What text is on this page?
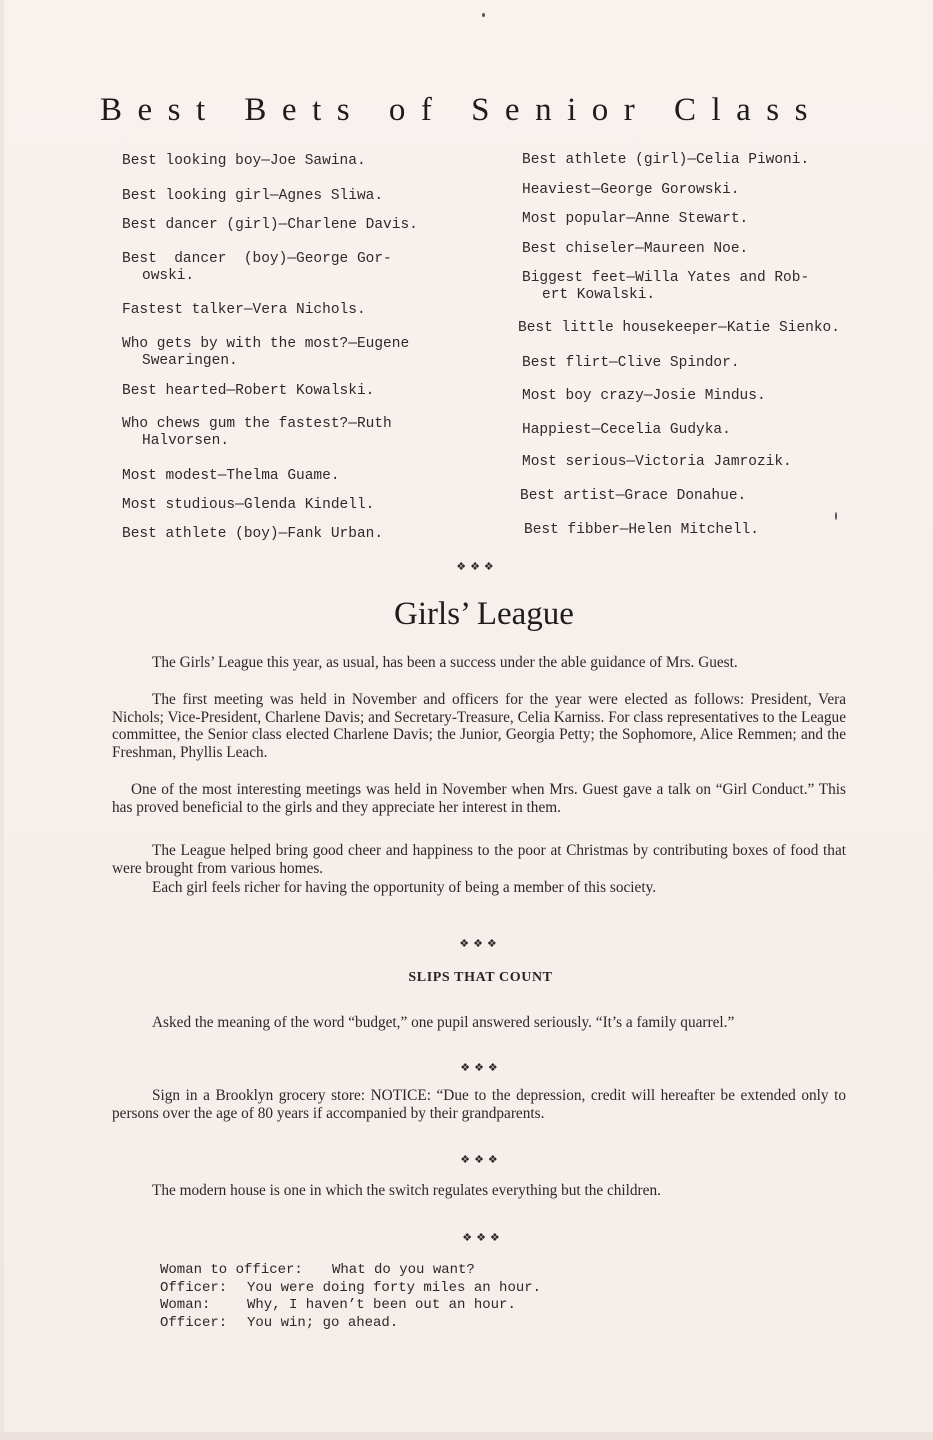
Best Bets of Senior Class
Best looking boy—Joe Sawina.
Best looking girl—Agnes Sliwa.
Best dancer (girl)—Charlene Davis.
Best  dancer  (boy)—George Gor-
owski.
Fastest talker—Vera Nichols.
Who gets by with the most?—Eugene
Swearingen.
Best hearted—Robert Kowalski.
Who chews gum the fastest?—Ruth
Halvorsen.
Most modest—Thelma Guame.
Most studious—Glenda Kindell.
Best athlete (boy)—Fank Urban.
Best athlete (girl)—Celia Piwoni.
Heaviest—George Gorowski.
Most popular—Anne Stewart.
Best chiseler—Maureen Noe.
Biggest feet—Willa Yates and Rob-
ert Kowalski.
Best little housekeeper—Katie Sienko.
Best flirt—Clive Spindor.
Most boy crazy—Josie Mindus.
Happiest—Cecelia Gudyka.
Most serious—Victoria Jamrozik.
Best artist—Grace Donahue.
Best fibber—Helen Mitchell.
❖❖❖
Girls’ League

The Girls’ League this year, as usual, has been a success under the able guidance of Mrs. Guest.

The first meeting was held in November and officers for the year were elected as follows: President, Vera Nichols; Vice-President, Charlene Davis; and Secretary-Treasure, Celia Karniss. For class representatives to the League committee, the Senior class elected Charlene Davis; the Junior, Georgia Petty; the Sophomore, Alice Remmen; and the Freshman, Phyllis Leach.

One of the most interesting meetings was held in November when Mrs. Guest gave a talk on “Girl Conduct.” This has proved beneficial to the girls and they appreciate her interest in them.

The League helped bring good cheer and happiness to the poor at Christmas by contributing boxes of food that were brought from various homes.

Each girl feels richer for having the opportunity of being a member of this society.

❖❖❖
SLIPS THAT COUNT

Asked the meaning of the word “budget,” one pupil answered seriously. “It’s a family quarrel.”

❖❖❖

Sign in a Brooklyn grocery store: NOTICE: “Due to the depression, credit will hereafter be extended only to persons over the age of 80 years if accompanied by their grandparents.

❖❖❖

The modern house is one in which the switch regulates everything but the children.

❖❖❖
Woman to officer: What do you want?
Officer: You were doing forty miles an hour.
Woman:	Why, I haven’t been out an hour.
Officer: You win; go ahead.
